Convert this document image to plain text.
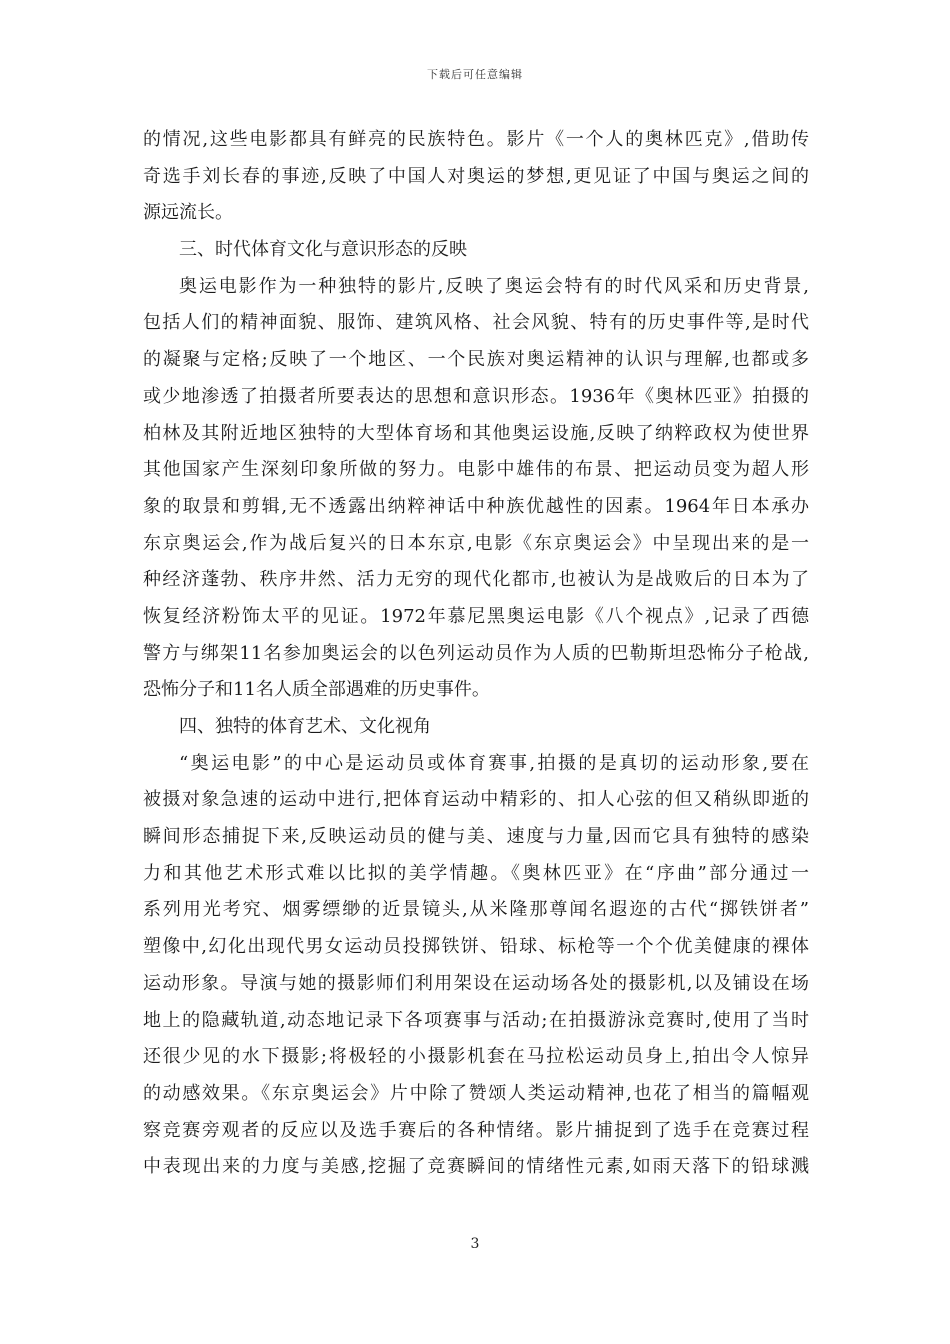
下载后可任意编辑
的情况,这些电影都具有鲜亮的民族特色。影片《一个人的奥林匹克》,借助传
奇选手刘长春的事迹,反映了中国人对奥运的梦想,更见证了中国与奥运之间的
源远流长。
三、时代体育文化与意识形态的反映
奥运电影作为一种独特的影片,反映了奥运会特有的时代风采和历史背景,
包括人们的精神面貌、服饰、建筑风格、社会风貌、特有的历史事件等,是时代
的凝聚与定格;反映了一个地区、一个民族对奥运精神的认识与理解,也都或多
或少地渗透了拍摄者所要表达的思想和意识形态。1936年《奥林匹亚》拍摄的
柏林及其附近地区独特的大型体育场和其他奥运设施,反映了纳粹政权为使世界
其他国家产生深刻印象所做的努力。电影中雄伟的布景、把运动员变为超人形
象的取景和剪辑,无不透露出纳粹神话中种族优越性的因素。1964年日本承办
东京奥运会,作为战后复兴的日本东京,电影《东京奥运会》中呈现出来的是一
种经济蓬勃、秩序井然、活力无穷的现代化都市,也被认为是战败后的日本为了
恢复经济粉饰太平的见证。1972年慕尼黑奥运电影《八个视点》,记录了西德
警方与绑架11名参加奥运会的以色列运动员作为人质的巴勒斯坦恐怖分子枪战,
恐怖分子和11名人质全部遇难的历史事件。
四、独特的体育艺术、文化视角
“奥运电影”的中心是运动员或体育赛事,拍摄的是真切的运动形象,要在
被摄对象急速的运动中进行,把体育运动中精彩的、扣人心弦的但又稍纵即逝的
瞬间形态捕捉下来,反映运动员的健与美、速度与力量,因而它具有独特的感染
力和其他艺术形式难以比拟的美学情趣。《奥林匹亚》在“序曲”部分通过一
系列用光考究、烟雾缥缈的近景镜头,从米隆那尊闻名遐迩的古代“掷铁饼者”
塑像中,幻化出现代男女运动员投掷铁饼、铅球、标枪等一个个优美健康的裸体
运动形象。导演与她的摄影师们利用架设在运动场各处的摄影机,以及铺设在场
地上的隐藏轨道,动态地记录下各项赛事与活动;在拍摄游泳竞赛时,使用了当时
还很少见的水下摄影;将极轻的小摄影机套在马拉松运动员身上,拍出令人惊异
的动感效果。《东京奥运会》片中除了赞颂人类运动精神,也花了相当的篇幅观
察竞赛旁观者的反应以及选手赛后的各种情绪。影片捕捉到了选手在竞赛过程
中表现出来的力度与美感,挖掘了竞赛瞬间的情绪性元素,如雨天落下的铅球溅
3
